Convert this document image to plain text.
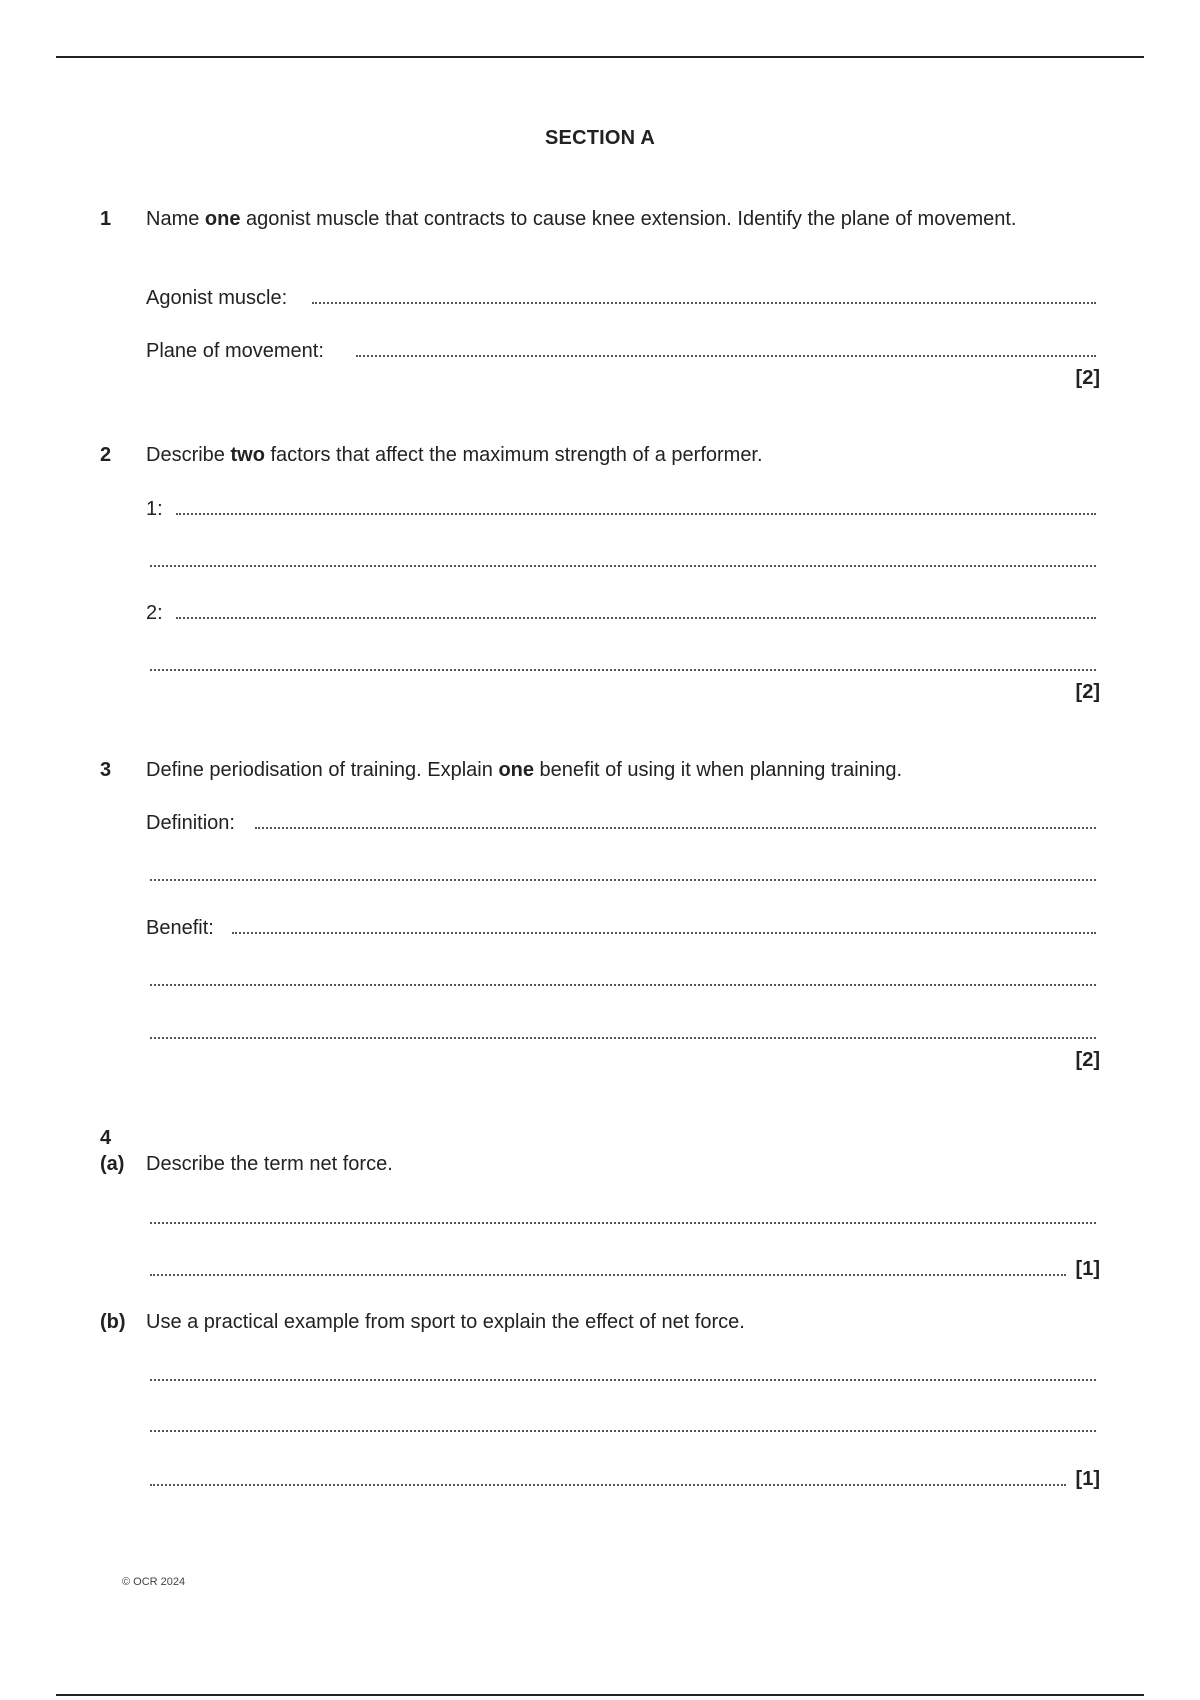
SECTION A
1 Name one agonist muscle that contracts to cause knee extension. Identify the plane of movement.
Agonist muscle:
Plane of movement:
[2]
2 Describe two factors that affect the maximum strength of a performer.
1:
2:
[2]
3 Define periodisation of training. Explain one benefit of using it when planning training.
Definition:
Benefit:
[2]
4
(a) Describe the term net force.
[1]
(b) Use a practical example from sport to explain the effect of net force.
[1]
© OCR 2024
